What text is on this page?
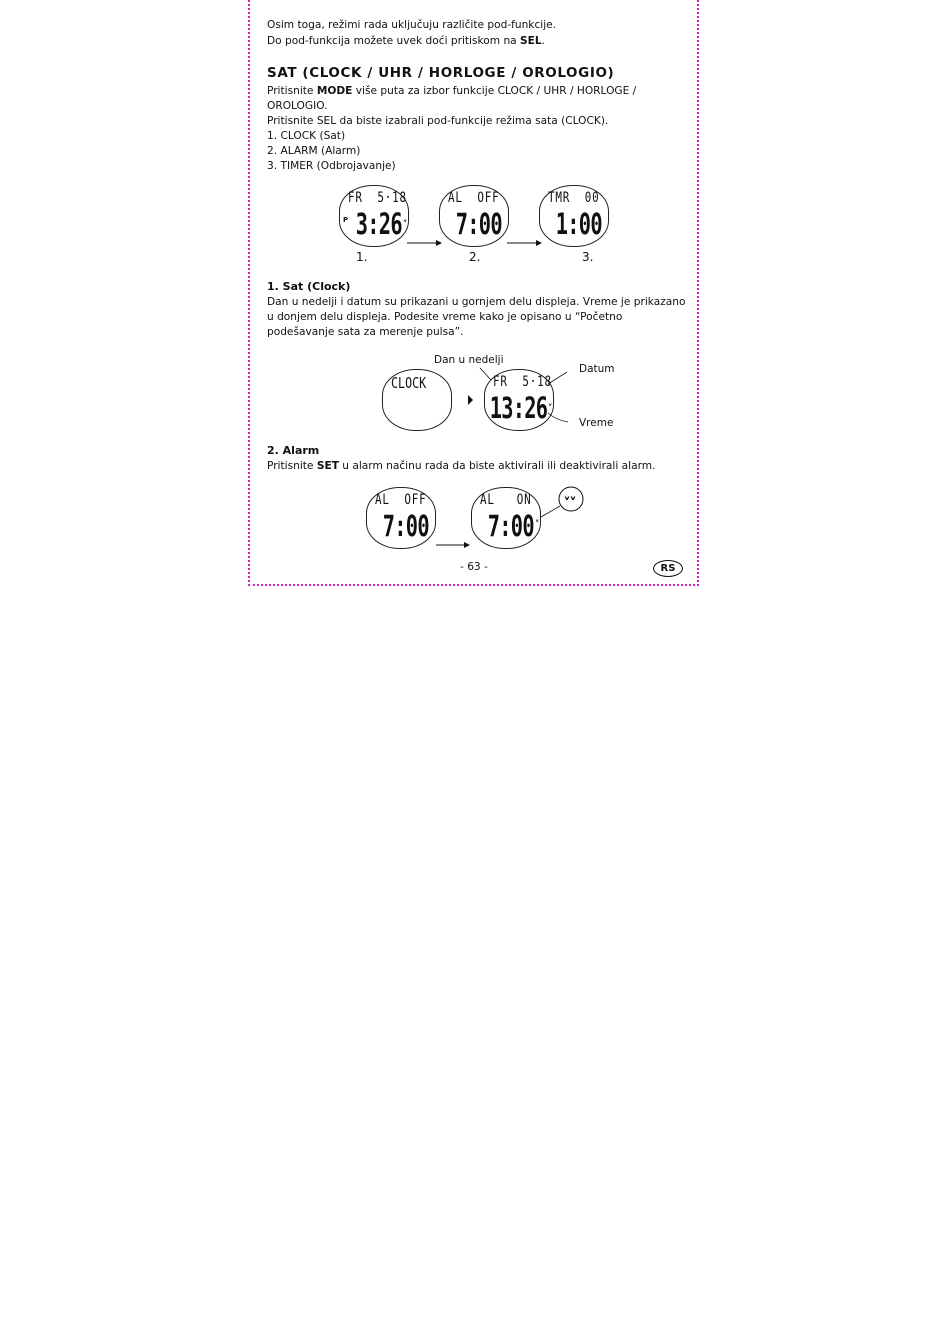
Osim toga, režimi rada uključuju različite pod-funkcije.
Do pod-funkcija možete uvek doći pritiskom na SEL.
SAT (CLOCK / UHR / HORLOGE / OROLOGIO)
Pritisnite MODE više puta za izbor funkcije CLOCK / UHR / HORLOGE /
OROLOGIO.
Pritisnite SEL da biste izabrali pod-funkcije režima sata (CLOCK).
1. CLOCK (Sat)
2. ALARM (Alarm)
3. TIMER (Odbrojavanje)
FR  5·18
3:26
P	ᵥ
AL  OFF
7:00
TMR  00
1:00
1.	2.	3.
1. Sat (Clock)
Dan u nedelji i datum su prikazani u gornjem delu displeja. Vreme je prikazano u donjem delu displeja. Podesite vreme kako je opisano u “Početno podešavanje sata za merenje pulsa”.
Dan u nedelji
Datum
Vreme
CLOCK	FR  5·18
13:26 ᵥ
2. Alarm
Pritisnite SET u alarm načinu rada da biste aktivirali ili deaktivirali alarm.
AL  OFF
7:00
AL   ON
7:00 ᵥ
ᵛᵛ
- 63 -	RS
